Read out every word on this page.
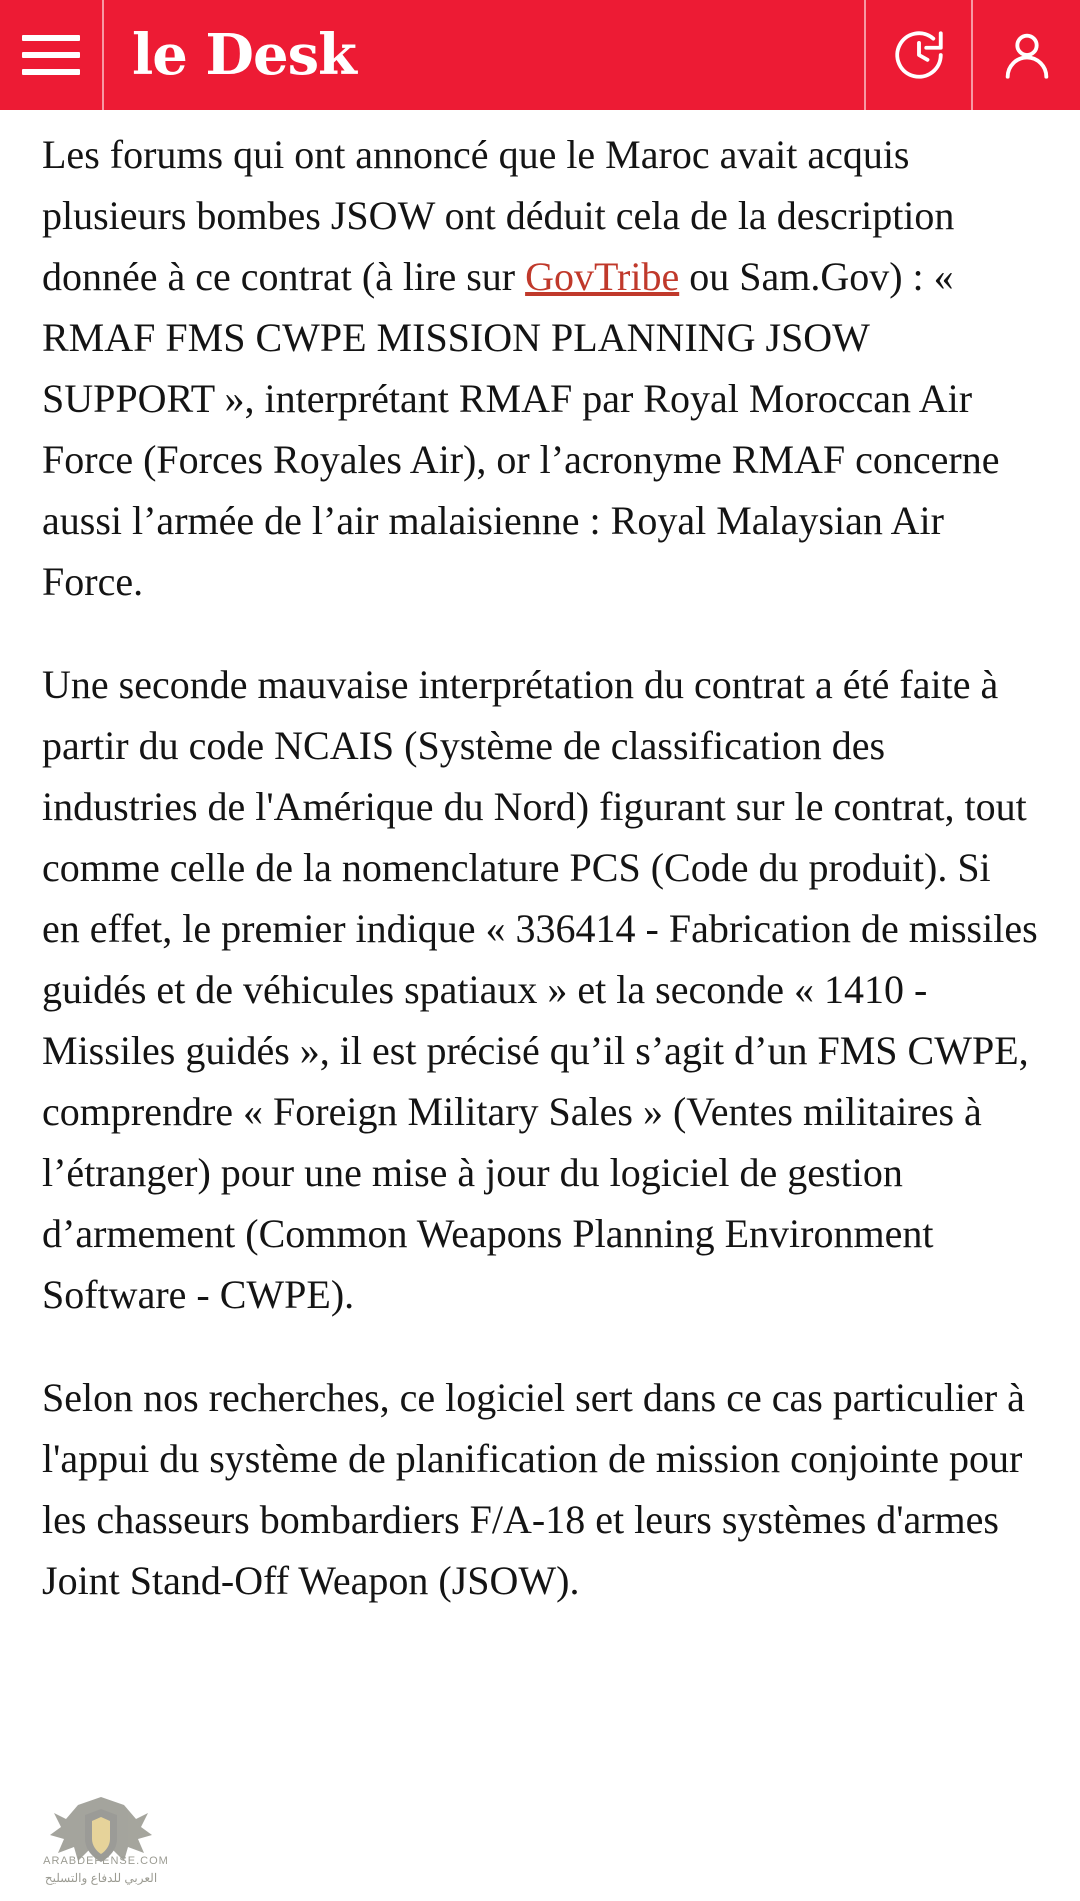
le Desk

Les forums qui ont annoncé que le Maroc avait acquis plusieurs bombes JSOW ont déduit cela de la description donnée à ce contrat (à lire sur GovTribe ou Sam.Gov) : « RMAF FMS CWPE MISSION PLANNING JSOW SUPPORT », interprétant RMAF par Royal Moroccan Air Force (Forces Royales Air), or l’acronyme RMAF concerne aussi l’armée de l’air malaisienne : Royal Malaysian Air Force.

Une seconde mauvaise interprétation du contrat a été faite à partir du code NCAIS (Système de classification des industries de l'Amérique du Nord) figurant sur le contrat, tout comme celle de la nomenclature PCS (Code du produit). Si en effet, le premier indique « 336414 - Fabrication de missiles guidés et de véhicules spatiaux » et la seconde « 1410 - Missiles guidés », il est précisé qu’il s’agit d’un FMS CWPE, comprendre « Foreign Military Sales » (Ventes militaires à l’étranger) pour une mise à jour du logiciel de gestion d’armement (Common Weapons Planning Environment Software - CWPE).

Selon nos recherches, ce logiciel sert dans ce cas particulier à l'appui du système de planification de mission conjointe pour les chasseurs bombardiers F/A-18 et leurs systèmes d'armes Joint Stand-Off Weapon (JSOW).

ARABDEFENSE.COM
العربي للدفاع والتسليح
